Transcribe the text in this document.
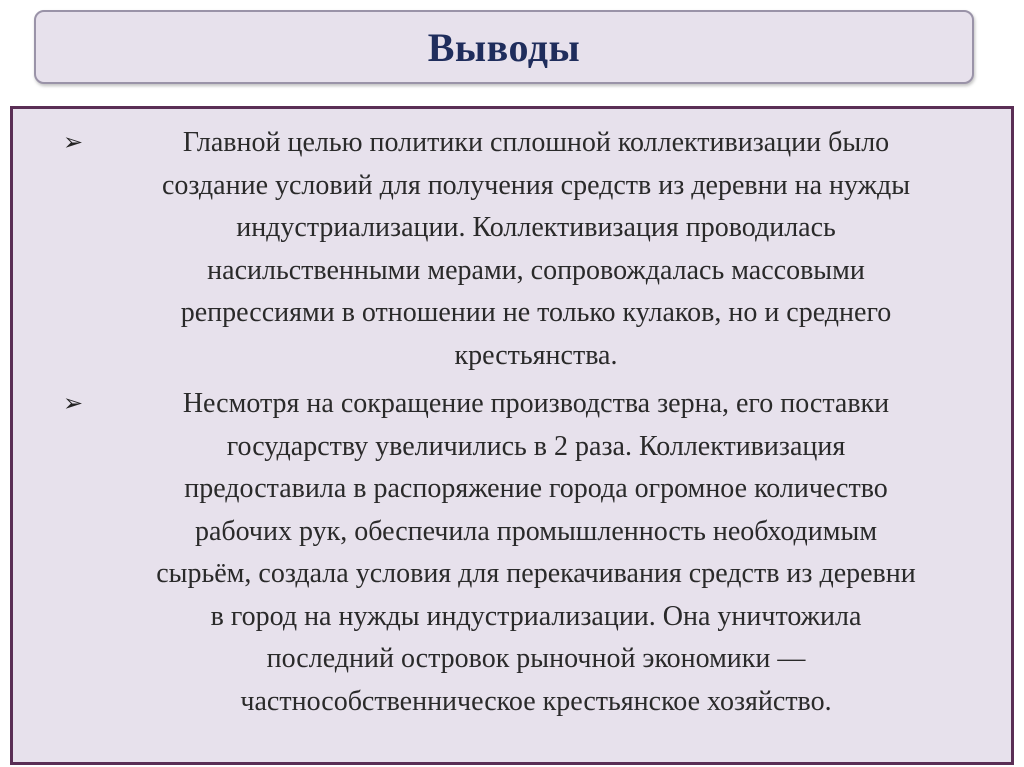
Выводы
➢	Главной целью политики сплошной коллективизации было
создание условий для получения средств из деревни на нужды
индустриализации. Коллективизация проводилась
насильственными мерами, сопровождалась массовыми
репрессиями в отношении не только кулаков, но и среднего
крестьянства.
➢	Несмотря на сокращение производства зерна, его поставки
государству увеличились в 2 раза. Коллективизация
предоставила в распоряжение города огромное количество
рабочих рук, обеспечила промышленность необходимым
сырьём, создала условия для перекачивания средств из деревни
в город на нужды индустриализации. Она уничтожила
последний островок рыночной экономики —
частнособственническое крестьянское хозяйство.
